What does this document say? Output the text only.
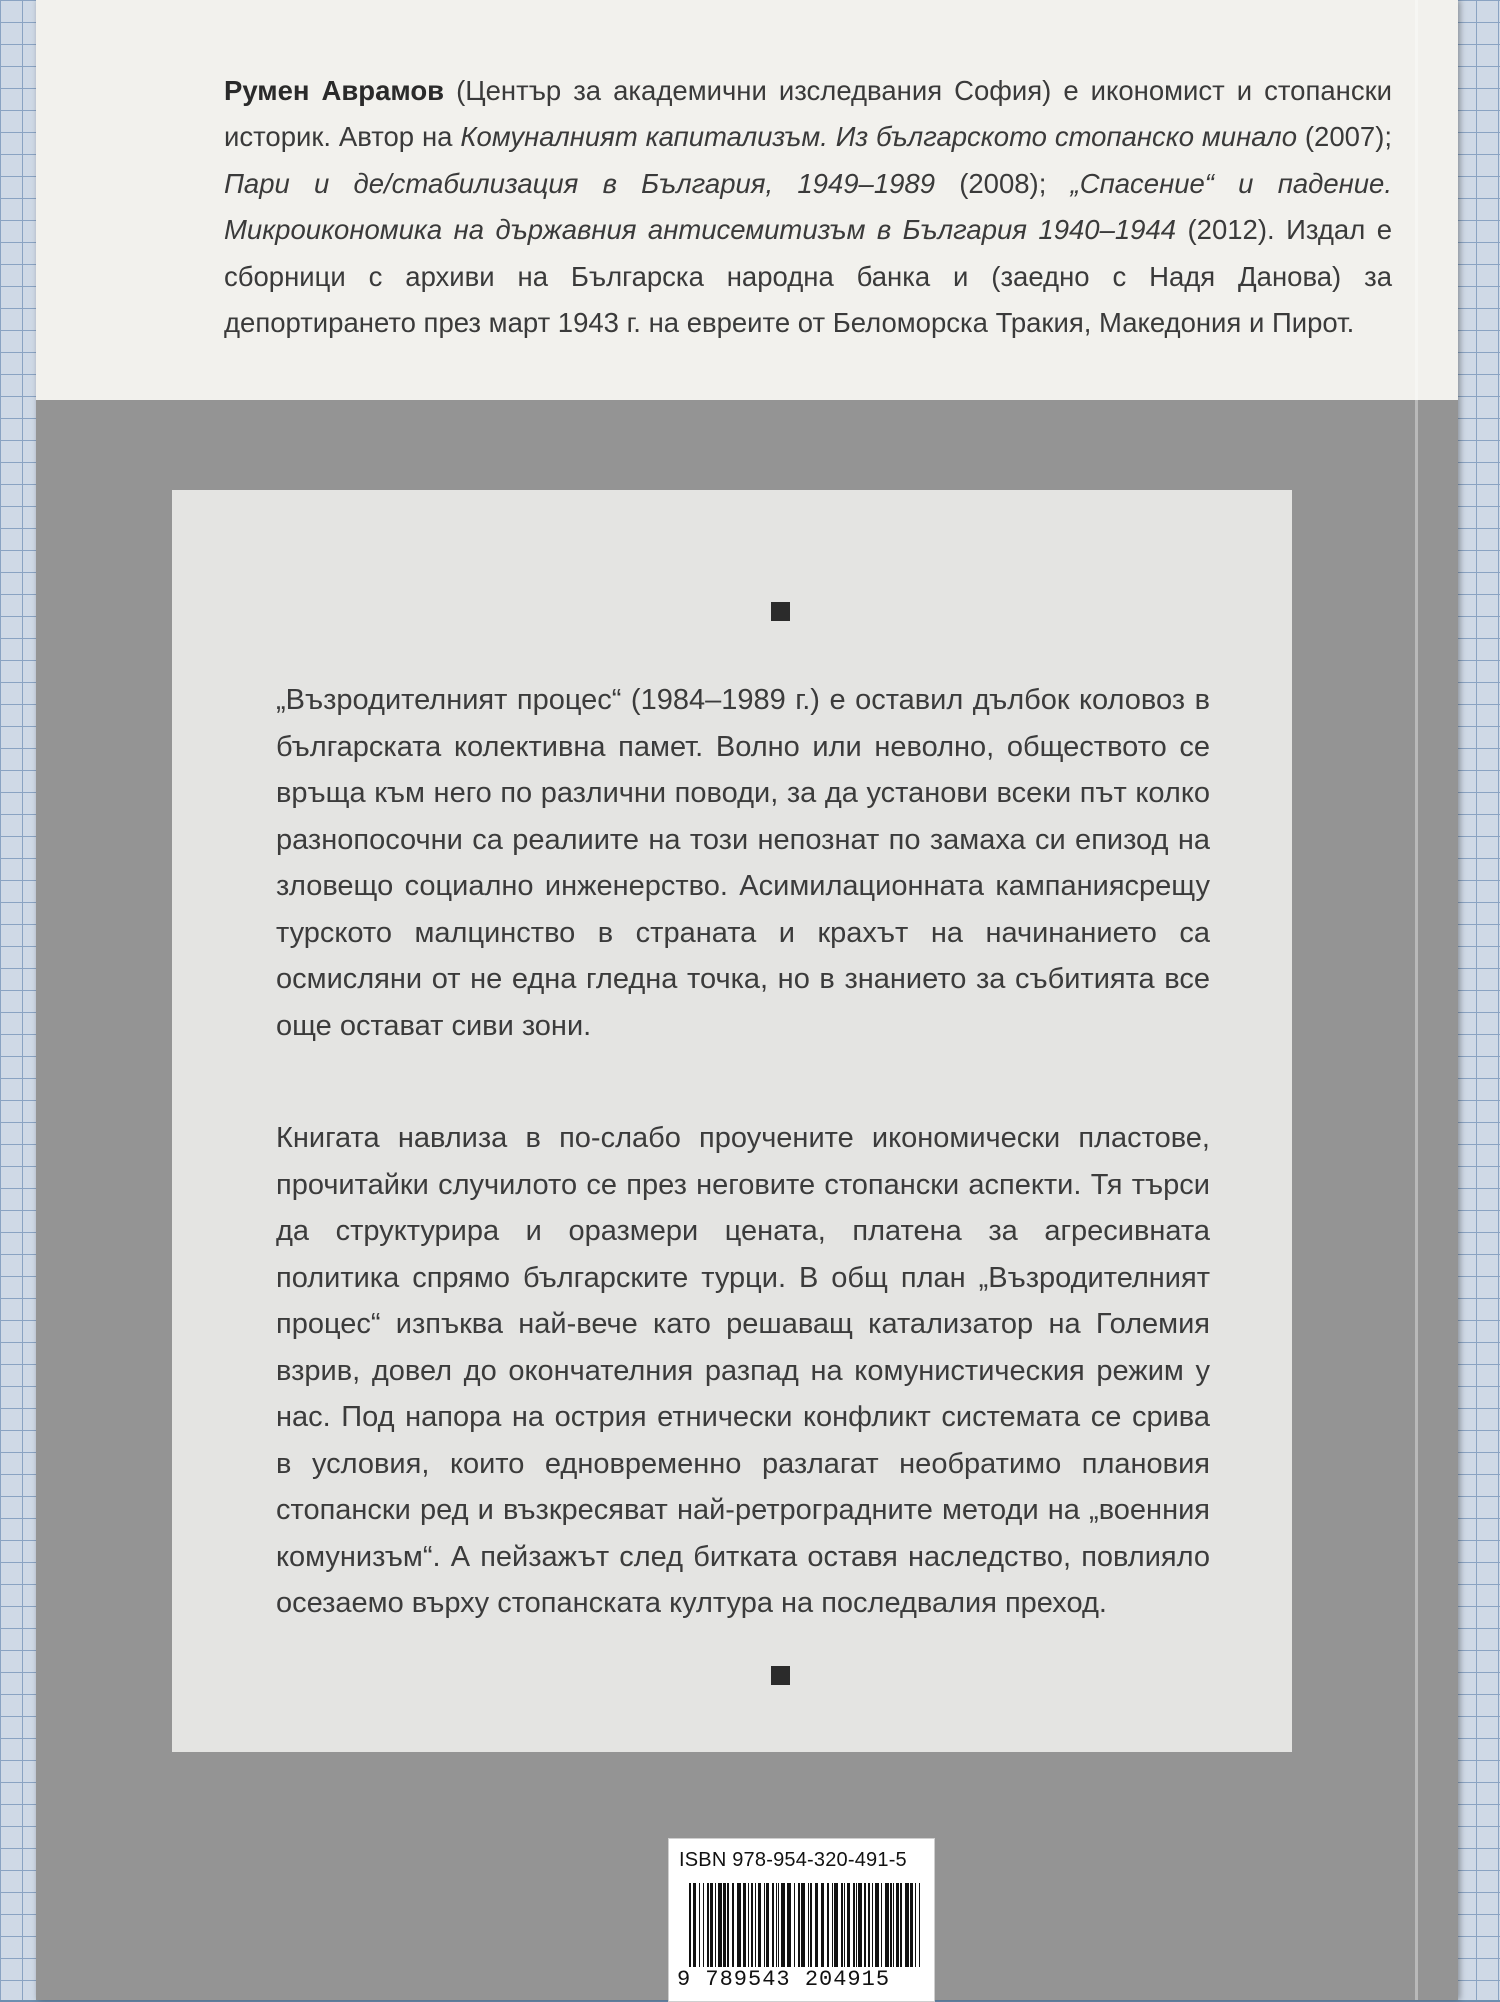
Румен Аврамов (Център за академични изследвания София) е икономист и стопански историк. Автор на Комуналният капитализъм. Из българското стопанско минало (2007); Пари и де/стабилизация в България, 1949–1989 (2008); „Спасение“ и падение. Микроикономика на държавния антисемитизъм в България 1940–1944 (2012). Издал е сборници с архиви на Българска народна банка и (заедно с Надя Данова) за депортирането през март 1943 г. на евреите от Беломорска Тракия, Македония и Пирот.

„Възродителният процес“ (1984–1989 г.) е оставил дълбок коловоз в българската колективна памет. Волно или неволно, обществото се връща към него по различни поводи, за да установи всеки път колко разнопосочни са реалиите на този непознат по замаха си епизод на зловещо социално инженерство. Асимилационната кампаниясрещу турското малцинство в страната и крахът на начинанието са осмисляни от не една гледна точка, но в знанието за събитията все още остават сиви зони.

Книгата навлиза в по-слабо проучените икономически пластове, прочитайки случилото се през неговите стопански аспекти. Тя търси да структурира и оразмери цената, платена за агресивната политика спрямо българските турци. В общ план „Възродителният процес“ изпъква най-вече като решаващ катализатор на Големия взрив, довел до окончателния разпад на комунистическия режим у нас. Под напора на острия етнически конфликт системата се срива в условия, които едновременно разлагат необратимо плановия стопански ред и възкресяват най-ретроградните методи на „военния комунизъм“. А пейзажът след битката оставя наследство, повлияло осезаемо върху стопанската култура на последвалия преход.

ISBN 978-954-320-491-5
9 789543 204915
